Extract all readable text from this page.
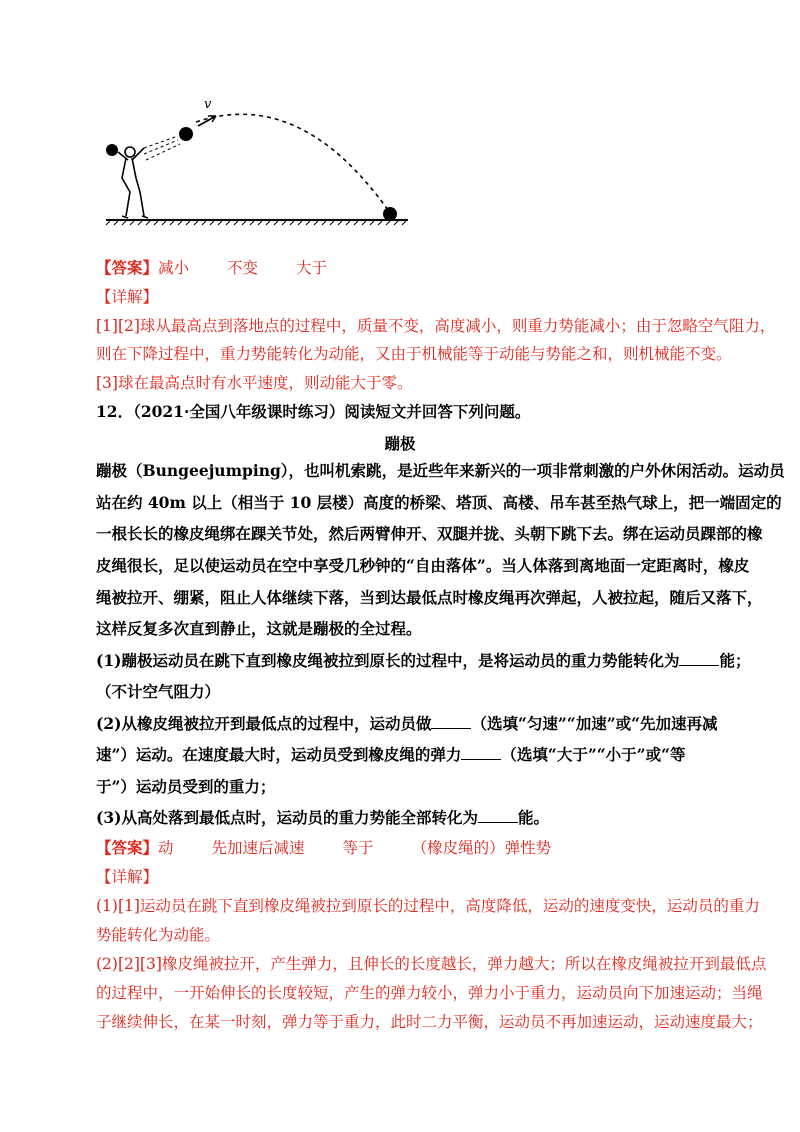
v
【答案】减小 不变 大于
【详解】
[1][2]球从最高点到落地点的过程中，质量不变，高度减小，则重力势能减小；由于忽略空气阻力，
则在下降过程中，重力势能转化为动能，又由于机械能等于动能与势能之和，则机械能不变。
[3]球在最高点时有水平速度，则动能大于零。
12．（2021·全国八年级课时练习）阅读短文并回答下列问题。
蹦极
蹦极（Bungeejumping），也叫机索跳，是近些年来新兴的一项非常刺激的户外休闲活动。运动员
站在约 40m 以上（相当于 10 层楼）高度的桥梁、塔顶、高楼、吊车甚至热气球上，把一端固定的
一根长长的橡皮绳绑在踝关节处，然后两臂伸开、双腿并拢、头朝下跳下去。绑在运动员踝部的橡
皮绳很长，足以使运动员在空中享受几秒钟的“自由落体”。当人体落到离地面一定距离时，橡皮
绳被拉开、绷紧，阻止人体继续下落，当到达最低点时橡皮绳再次弹起，人被拉起，随后又落下，
这样反复多次直到静止，这就是蹦极的全过程。
(1)蹦极运动员在跳下直到橡皮绳被拉到原长的过程中，是将运动员的重力势能转化为	能；
（不计空气阻力）
(2)从橡皮绳被拉开到最低点的过程中，运动员做	（选填“匀速”“加速”或“先加速再减
速”）运动。在速度最大时，运动员受到橡皮绳的弹力	（选填“大于”“小于”或“等
于”）运动员受到的重力；
(3)从高处落到最低点时，运动员的重力势能全部转化为	能。
【答案】动 先加速后减速 等于 （橡皮绳的）弹性势
【详解】
(1)[1]运动员在跳下直到橡皮绳被拉到原长的过程中，高度降低，运动的速度变快，运动员的重力
势能转化为动能。
(2)[2][3]橡皮绳被拉开，产生弹力，且伸长的长度越长，弹力越大；所以在橡皮绳被拉开到最低点
的过程中，一开始伸长的长度较短，产生的弹力较小，弹力小于重力，运动员向下加速运动；当绳
子继续伸长，在某一时刻，弹力等于重力，此时二力平衡，运动员不再加速运动，运动速度最大；
